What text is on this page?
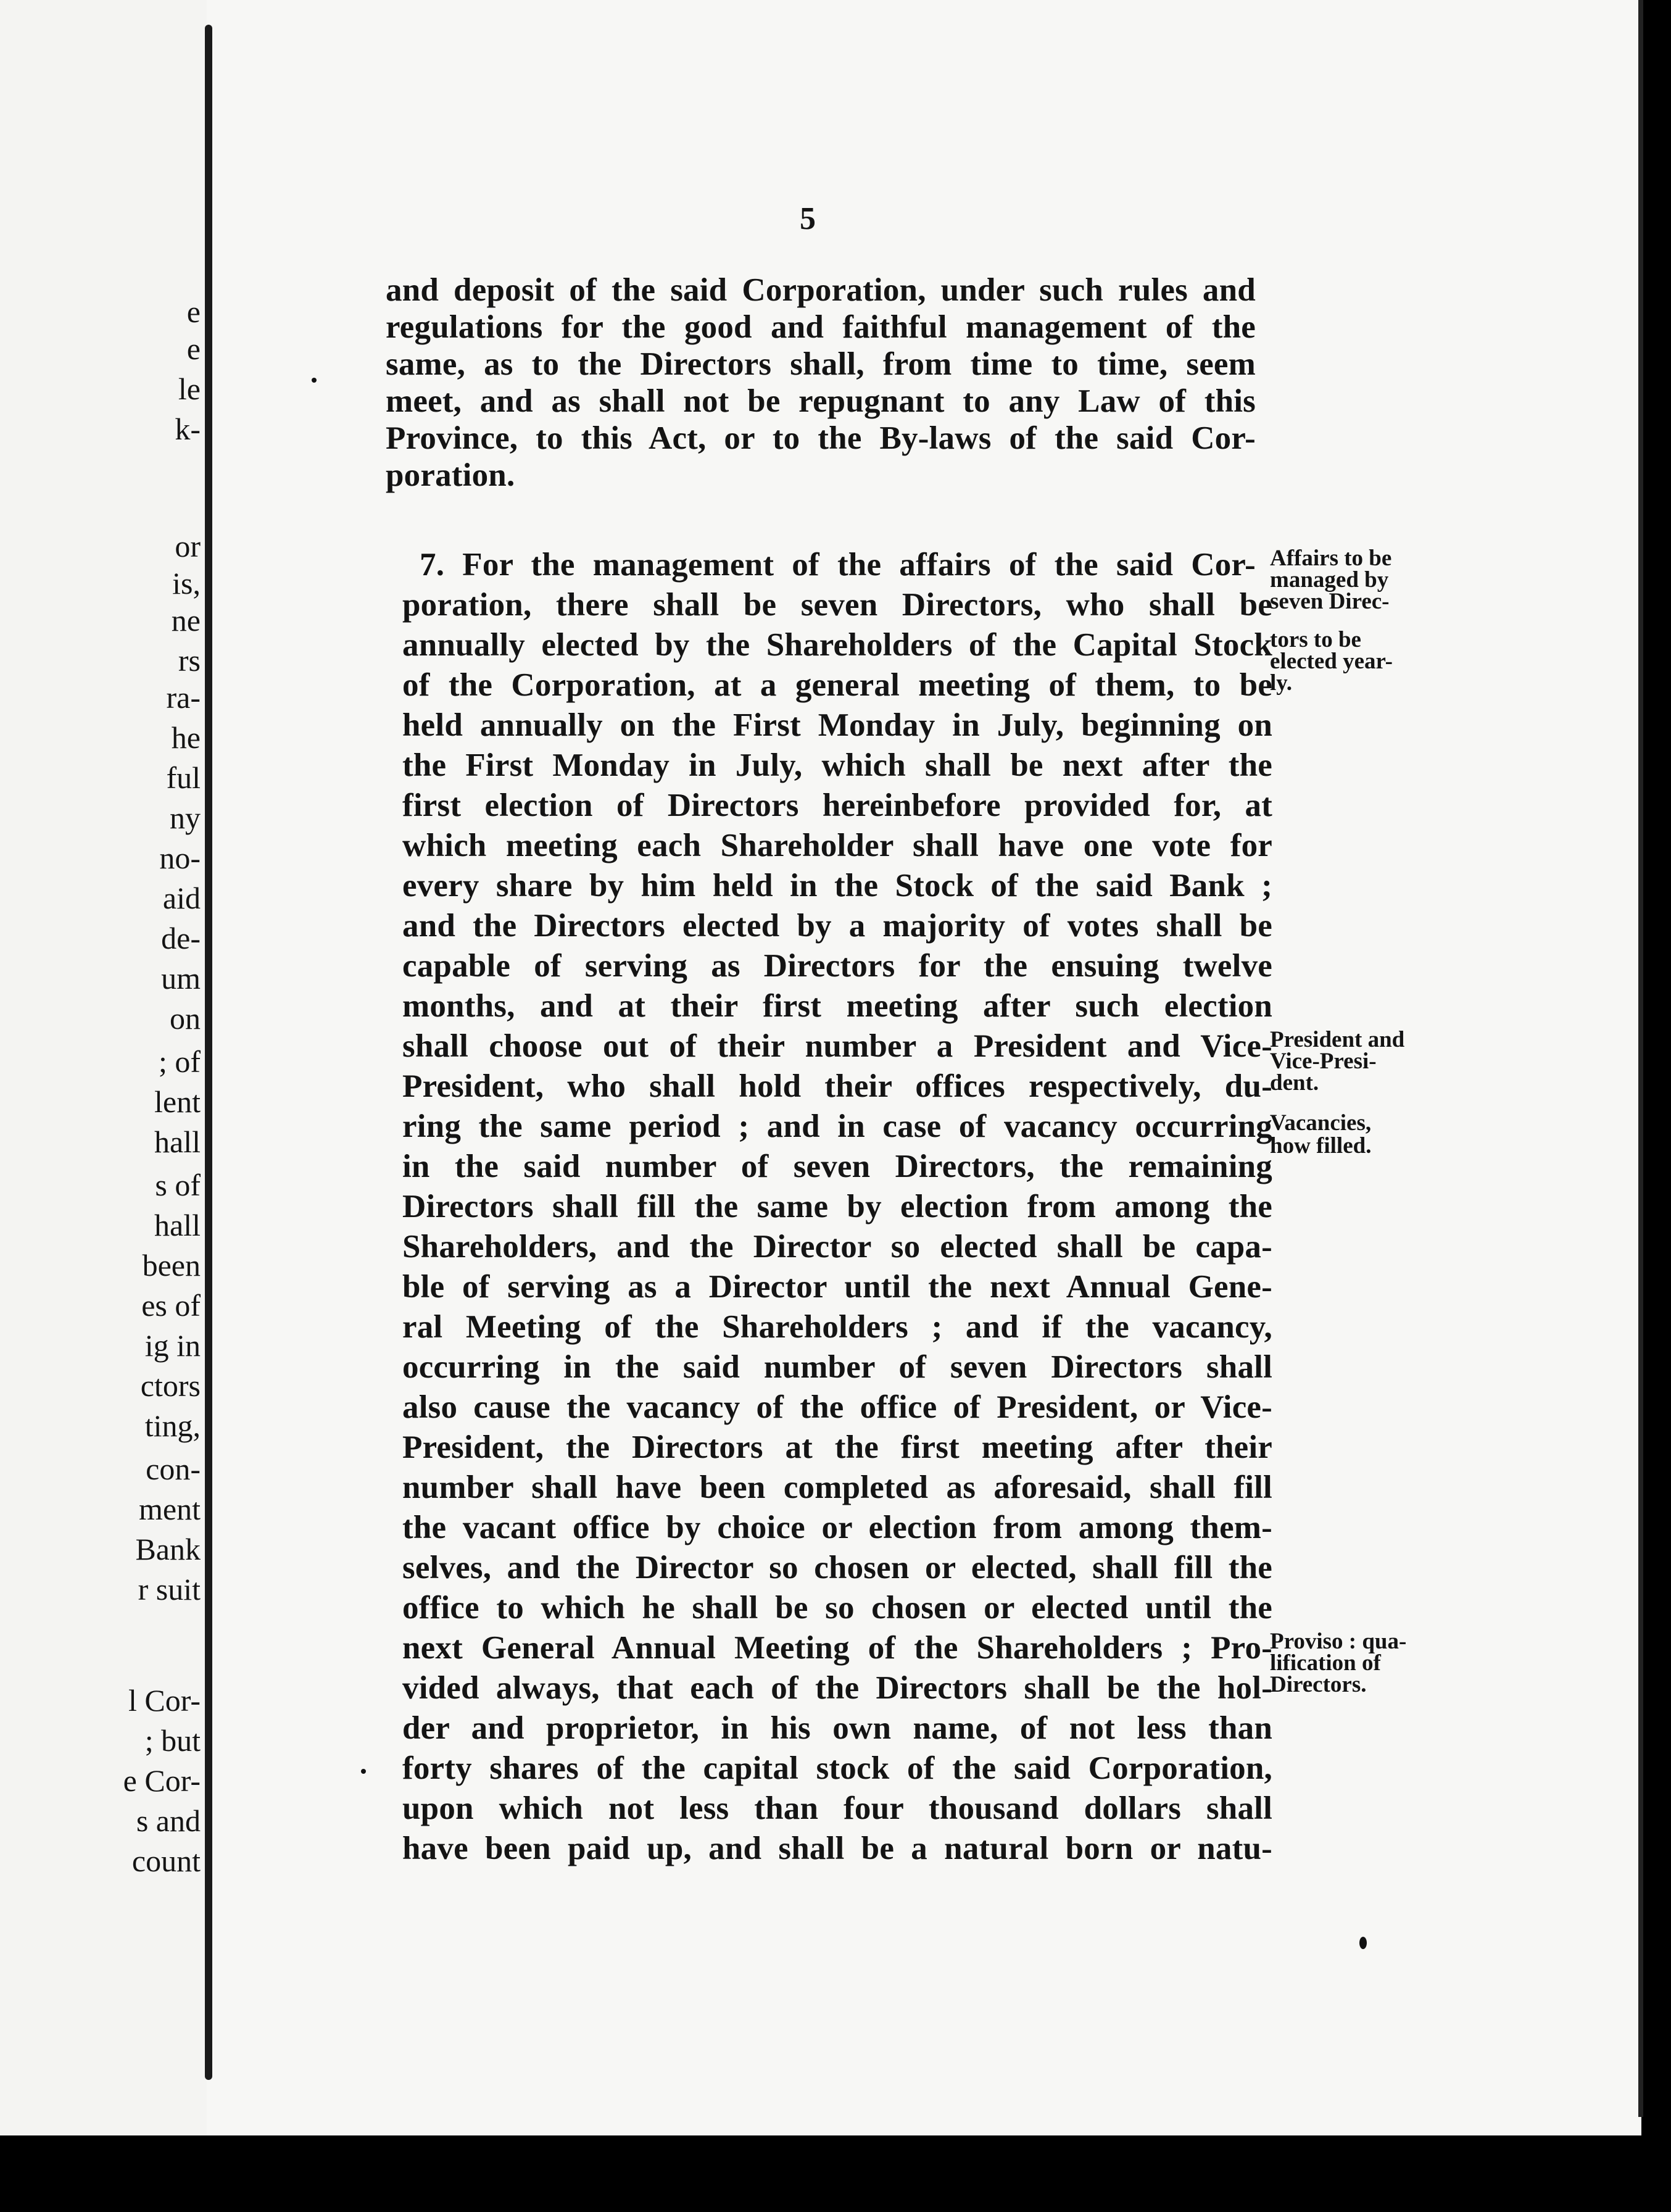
e
e
le
k-
or
is,
ne
rs
ra-
he
ful
ny
no-
aid
de-
um
on
; of
lent
hall
s of
hall
been
es of
ig in
ctors
ting,
con-
ment
Bank
r suit
l Cor-
; but
e Cor-
s and
count
5
and deposit of the said Corporation, under such rules and
regulations for the good and faithful management of the
same, as to the Directors shall, from time to time, seem
meet, and as shall not be repugnant to any Law of this
Province, to this Act, or to the By-laws of the said Cor-
poration.
7. For the management of the affairs of the said Cor-
poration, there shall be seven Directors, who shall be
annually elected by the Shareholders of the Capital Stock
of the Corporation, at a general meeting of them, to be
held annually on the First Monday in July, beginning on
the First Monday in July, which shall be next after the
first election of Directors hereinbefore provided for, at
which meeting each Shareholder shall have one vote for
every share by him held in the Stock of the said Bank ;
and the Directors elected by a majority of votes shall be
capable of serving as Directors for the ensuing twelve
months, and at their first meeting after such election
shall choose out of their number a President and Vice-
President, who shall hold their offices respectively, du-
ring the same period ; and in case of vacancy occurring
in the said number of seven Directors, the remaining
Directors shall fill the same by election from among the
Shareholders, and the Director so elected shall be capa-
ble of serving as a Director until the next Annual Gene-
ral Meeting of the Shareholders ; and if the vacancy,
occurring in the said number of seven Directors shall
also cause the vacancy of the office of President, or Vice-
President, the Directors at the first meeting after their
number shall have been completed as aforesaid, shall fill
the vacant office by choice or election from among them-
selves, and the Director so chosen or elected, shall fill the
office to which he shall be so chosen or elected until the
next General Annual Meeting of the Shareholders ; Pro-
vided always, that each of the Directors shall be the hol-
der and proprietor, in his own name, of not less than
forty shares of the capital stock of the said Corporation,
upon which not less than four thousand dollars shall
have been paid up, and shall be a natural born or natu-
Affairs to be
managed by
seven Direc-
tors to be
elected year-
ly.
President and
Vice-Presi-
dent.
Vacancies,
how filled.
Proviso : qua-
lification of
Directors.
